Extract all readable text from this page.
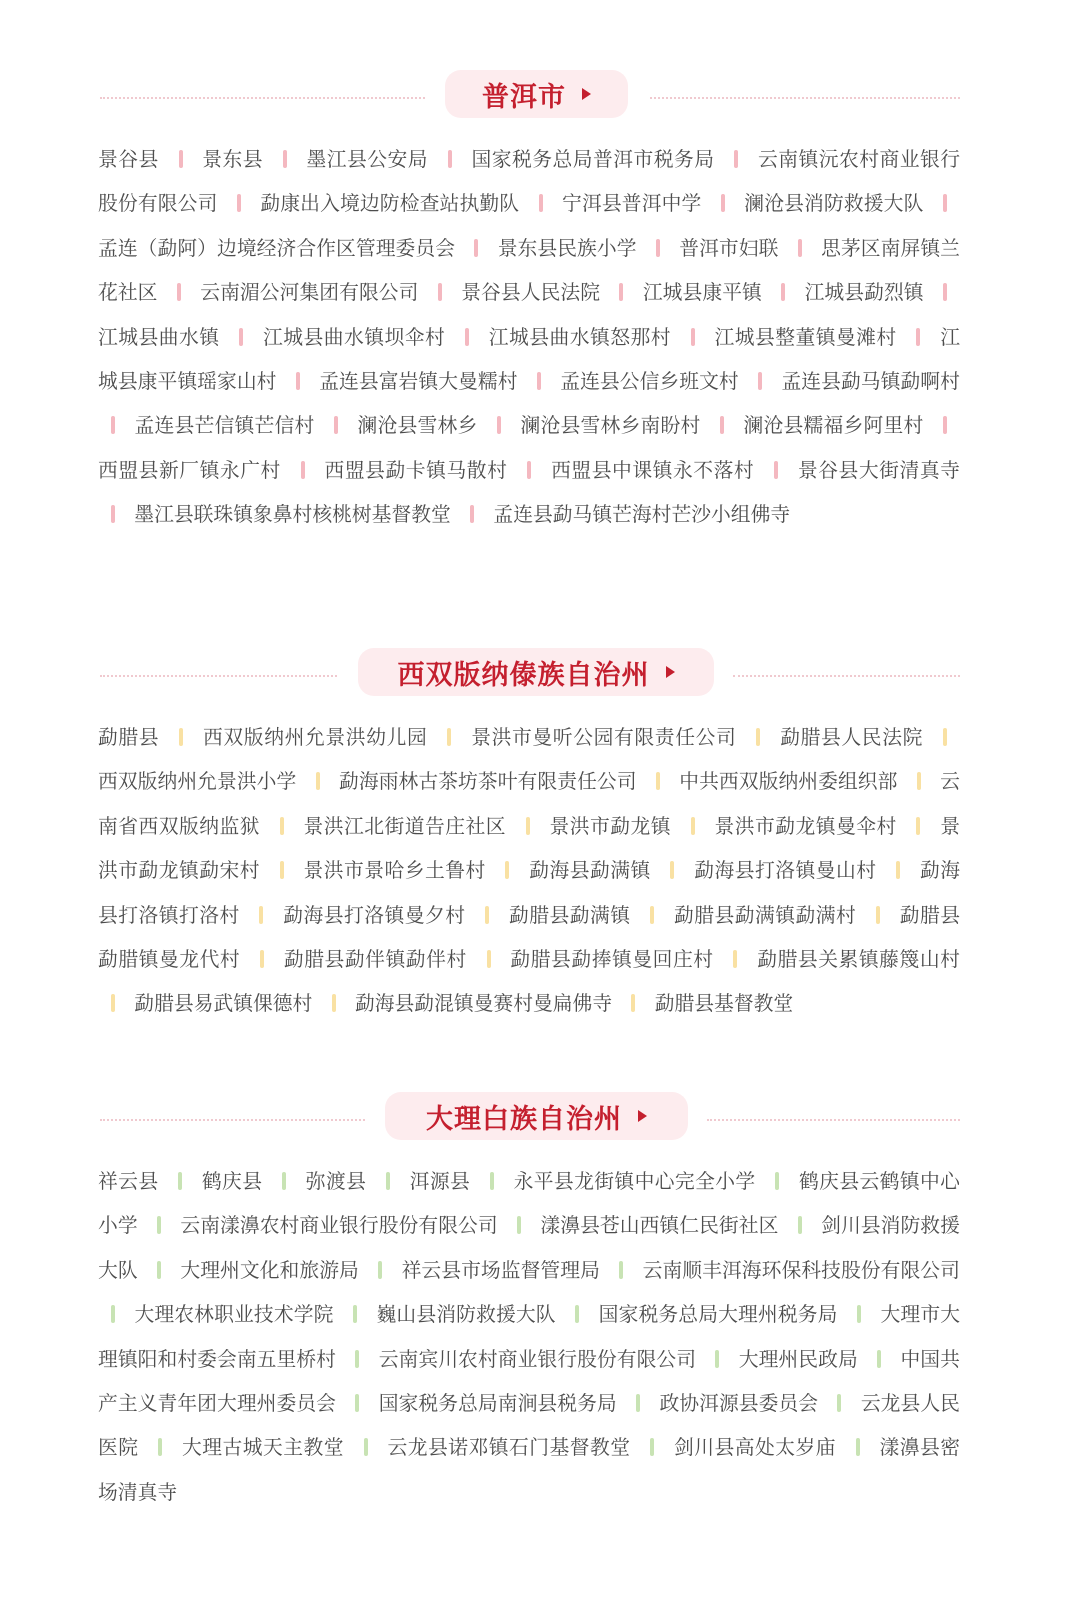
普洱市
景谷县 景东县 墨江县公安局 国家税务总局普洱市税务局 云南镇沅农村商业银行股份有限公司 勐康出入境边防检查站执勤队 宁洱县普洱中学 澜沧县消防救援大队  孟连（勐阿）边境经济合作区管理委员会 景东县民族小学 普洱市妇联 思茅区南屏镇兰花社区 云南湄公河集团有限公司 景谷县人民法院 江城县康平镇 江城县勐烈镇  江城县曲水镇 江城县曲水镇坝伞村 江城县曲水镇怒那村 江城县整董镇曼滩村 江城县康平镇瑶家山村 孟连县富岩镇大曼糯村 孟连县公信乡班文村 孟连县勐马镇勐啊村  孟连县芒信镇芒信村 澜沧县雪林乡 澜沧县雪林乡南盼村 澜沧县糯福乡阿里村  西盟县新厂镇永广村 西盟县勐卡镇马散村 西盟县中课镇永不落村 景谷县大街清真寺  墨江县联珠镇象鼻村核桃树基督教堂 孟连县勐马镇芒海村芒沙小组佛寺
西双版纳傣族自治州
勐腊县 西双版纳州允景洪幼儿园 景洪市曼听公园有限责任公司 勐腊县人民法院  西双版纳州允景洪小学 勐海雨林古茶坊茶叶有限责任公司 中共西双版纳州委组织部 云南省西双版纳监狱 景洪江北街道告庄社区 景洪市勐龙镇 景洪市勐龙镇曼伞村 景洪市勐龙镇勐宋村 景洪市景哈乡土鲁村 勐海县勐满镇 勐海县打洛镇曼山村 勐海县打洛镇打洛村 勐海县打洛镇曼夕村 勐腊县勐满镇 勐腊县勐满镇勐满村 勐腊县勐腊镇曼龙代村 勐腊县勐伴镇勐伴村 勐腊县勐捧镇曼回庄村 勐腊县关累镇藤篾山村  勐腊县易武镇倮德村 勐海县勐混镇曼赛村曼扁佛寺 勐腊县基督教堂
大理白族自治州
祥云县 鹤庆县 弥渡县 洱源县 永平县龙街镇中心完全小学 鹤庆县云鹤镇中心小学 云南漾濞农村商业银行股份有限公司 漾濞县苍山西镇仁民街社区 剑川县消防救援大队 大理州文化和旅游局 祥云县市场监督管理局 云南顺丰洱海环保科技股份有限公司  大理农林职业技术学院 巍山县消防救援大队 国家税务总局大理州税务局 大理市大理镇阳和村委会南五里桥村 云南宾川农村商业银行股份有限公司 大理州民政局 中国共产主义青年团大理州委员会 国家税务总局南涧县税务局 政协洱源县委员会 云龙县人民医院 大理古城天主教堂 云龙县诺邓镇石门基督教堂 剑川县高处太岁庙 漾濞县密场清真寺
